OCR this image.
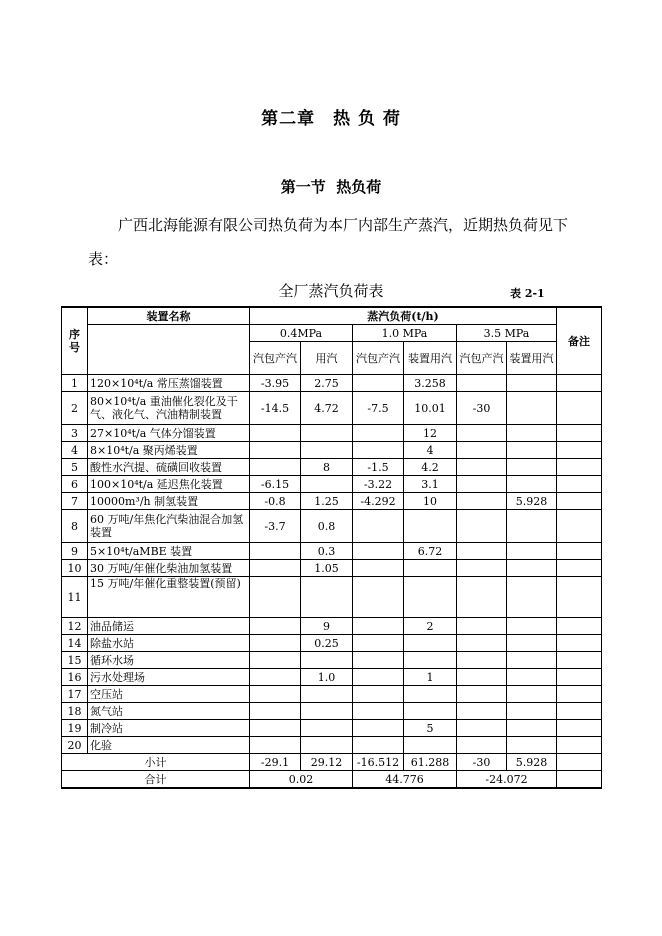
第二章　热 负 荷
第一节  热负荷
广西北海能源有限公司热负荷为本厂内部生产蒸汽，近期热负荷见下表：
全厂蒸汽负荷表	表 2-1
序号	装置名称	蒸汽负荷(t/h)						备注
		0.4MPa		1.0 MPa		3.5 MPa		
		汽包产汽	用汽	汽包产汽	装置用汽	汽包产汽	装置用汽	
1	120×10⁴t/a 常压蒸馏装置	-3.95	2.75		3.258			
2	80×10⁴t/a 重油催化裂化及干气、液化气、汽油精制装置	-14.5	4.72	-7.5	10.01	-30		
3	27×10⁴t/a 气体分馏装置				12			
4	8×10⁴t/a 聚丙烯装置				4			
5	酸性水汽提、硫磺回收装置		8	-1.5	4.2			
6	100×10⁴t/a 延迟焦化装置	-6.15		-3.22	3.1			
7	10000m³/h 制氢装置	-0.8	1.25	-4.292	10		5.928	
8	60 万吨/年焦化汽柴油混合加氢装置	-3.7	0.8					
9	5×10⁴t/aMBE 装置		0.3		6.72			
10	30 万吨/年催化柴油加氢装置		1.05					
11	15 万吨/年催化重整装置(预留)							
12	油品储运		9		2			
14	除盐水站		0.25					
15	循环水场							
16	污水处理场		1.0		1			
17	空压站							
18	氮气站							
19	制冷站				5			
20	化验							
小计		-29.1	29.12	-16.512	61.288	-30	5.928	
合计		0.02		44.776		-24.072		
